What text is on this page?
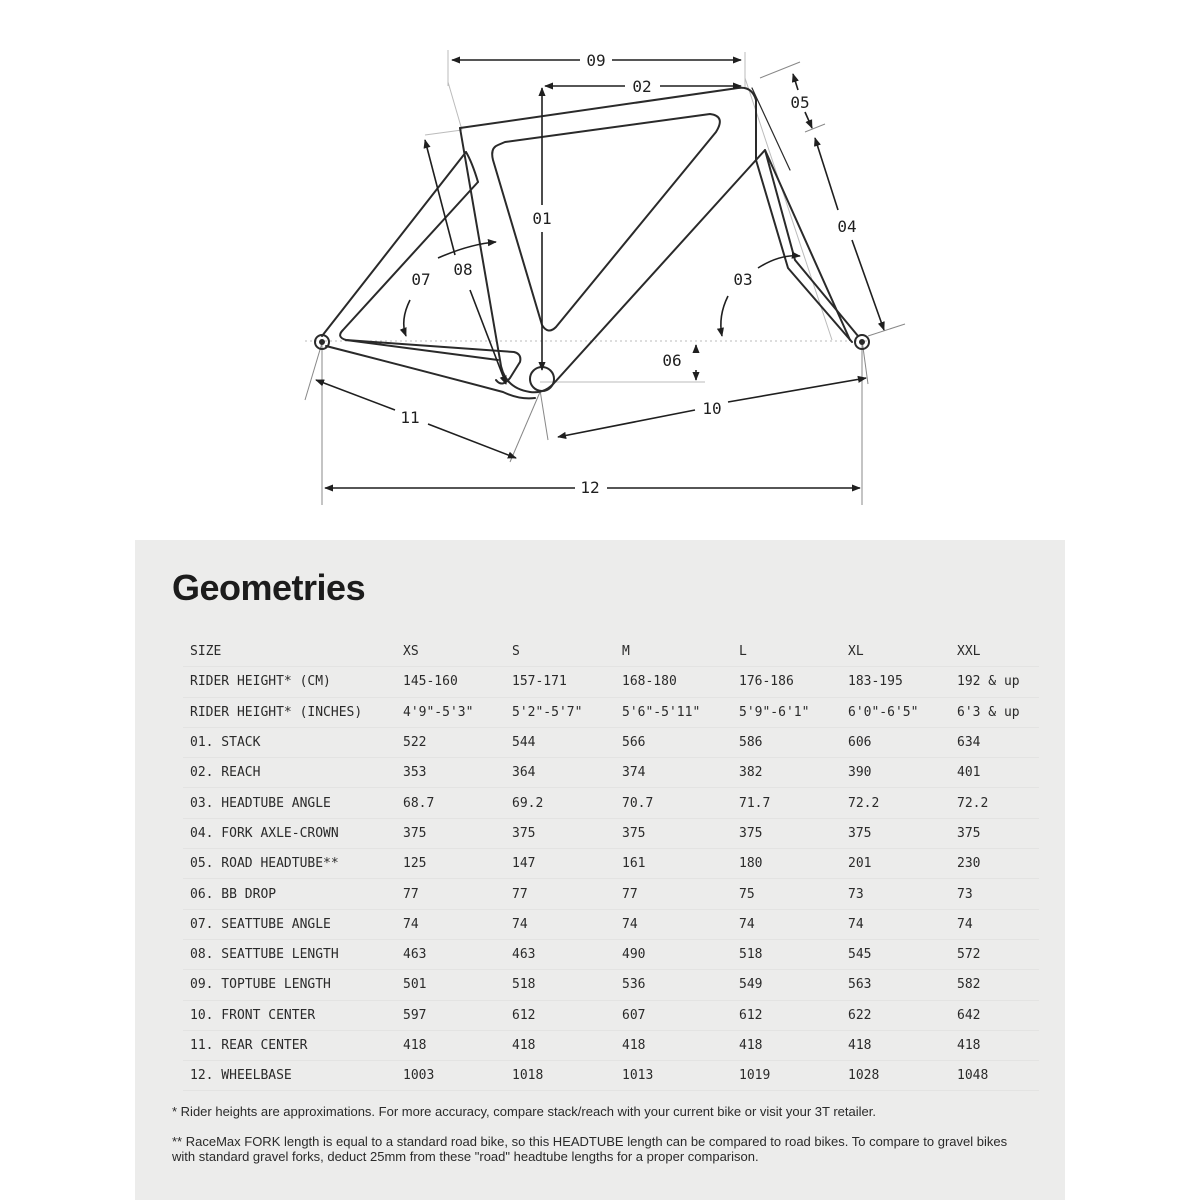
01
02
03
04
05
06
07
08
09
10
11
12
Geometries
SIZE	XS	S	M	L	XL	XXL
RIDER HEIGHT* (CM)	145-160	157-171	168-180	176-186	183-195	192 & up
RIDER HEIGHT* (INCHES)	4'9"-5'3"	5'2"-5'7"	5'6"-5'11"	5'9"-6'1"	6'0"-6'5"	6'3 & up
01. STACK	522	544	566	586	606	634
02. REACH	353	364	374	382	390	401
03. HEADTUBE ANGLE	68.7	69.2	70.7	71.7	72.2	72.2
04. FORK AXLE-CROWN	375	375	375	375	375	375
05. ROAD HEADTUBE**	125	147	161	180	201	230
06. BB DROP	77	77	77	75	73	73
07. SEATTUBE ANGLE	74	74	74	74	74	74
08. SEATTUBE LENGTH	463	463	490	518	545	572
09. TOPTUBE LENGTH	501	518	536	549	563	582
10. FRONT CENTER	597	612	607	612	622	642
11. REAR CENTER	418	418	418	418	418	418
12. WHEELBASE	1003	1018	1013	1019	1028	1048

* Rider heights are approximations. For more accuracy, compare stack/reach with your current bike or visit your 3T retailer.

** RaceMax FORK length is equal to a standard road bike, so this HEADTUBE length can be compared to road bikes. To compare to gravel bikes with standard gravel forks, deduct 25mm from these "road" headtube lengths for a proper comparison.
